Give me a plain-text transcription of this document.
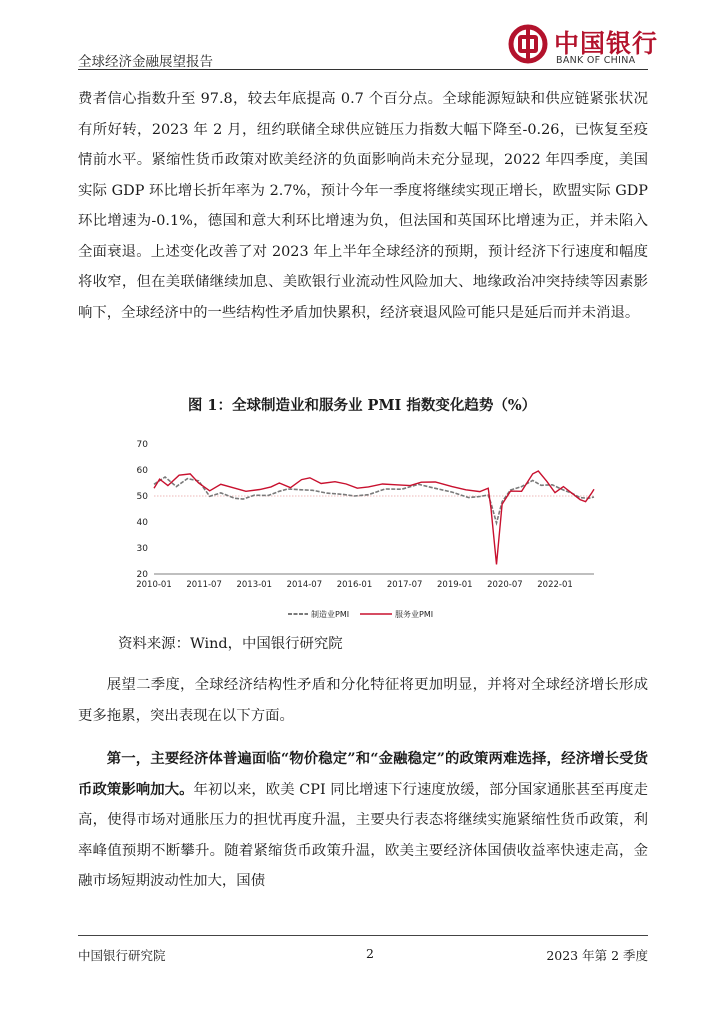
全球经济金融展望报告
中国银行
BANK OF CHINA

费者信心指数升至 97.8，较去年底提高 0.7 个百分点。全球能源短缺和供应链紧张状况有所好转，2023 年 2 月，纽约联储全球供应链压力指数大幅下降至-0.26，已恢复至疫情前水平。紧缩性货币政策对欧美经济的负面影响尚未充分显现，2022 年四季度，美国实际 GDP 环比增长折年率为 2.7%，预计今年一季度将继续实现正增长，欧盟实际 GDP 环比增速为-0.1%，德国和意大利环比增速为负，但法国和英国环比增速为正，并未陷入全面衰退。上述变化改善了对 2023 年上半年全球经济的预期，预计经济下行速度和幅度将收窄，但在美联储继续加息、美欧银行业流动性风险加大、地缘政治冲突持续等因素影响下，全球经济中的一些结构性矛盾加快累积，经济衰退风险可能只是延后而并未消退。

图 1：全球制造业和服务业 PMI 指数变化趋势（%）
20
30
40
50
60
70
2010-01 2011-07 2013-01 2014-07 2016-01 2017-07 2019-01 2020-07 2022-01
制造业PMI	服务业PMI
资料来源：Wind，中国银行研究院

展望二季度，全球经济结构性矛盾和分化特征将更加明显，并将对全球经济增长形成更多拖累，突出表现在以下方面。

第一，主要经济体普遍面临“物价稳定”和“金融稳定”的政策两难选择，经济增长受货币政策影响加大。年初以来，欧美 CPI 同比增速下行速度放缓，部分国家通胀甚至再度走高，使得市场对通胀压力的担忧再度升温，主要央行表态将继续实施紧缩性货币政策，利率峰值预期不断攀升。随着紧缩货币政策升温，欧美主要经济体国债收益率快速走高，金融市场短期波动性加大，国债

中国银行研究院	2	2023 年第 2 季度
